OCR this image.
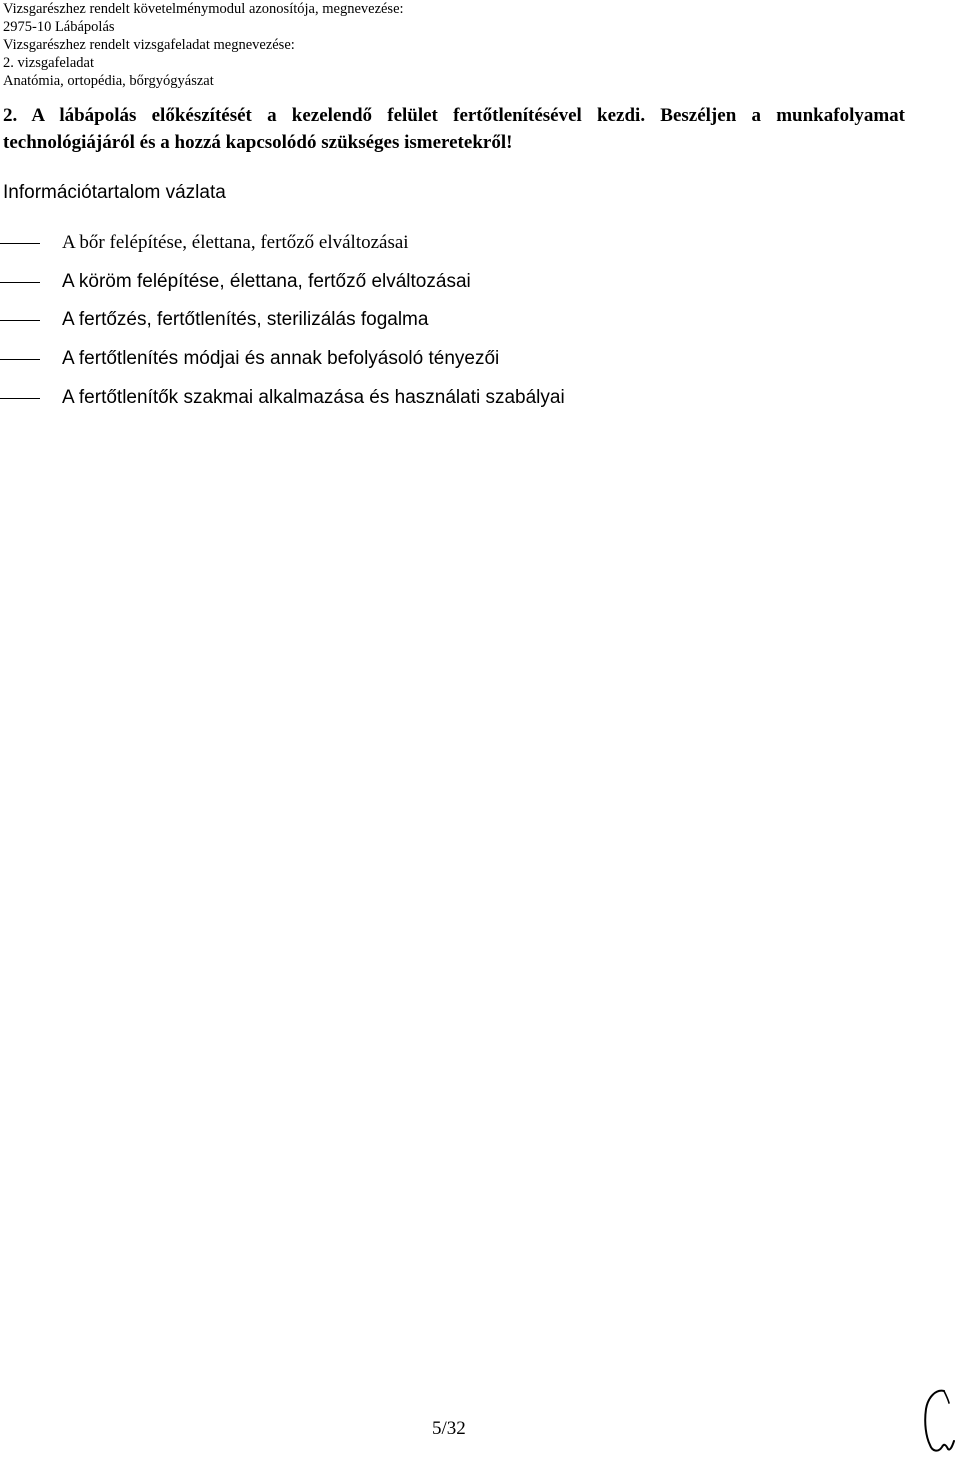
Vizsgarészhez rendelt követelménymodul azonosítója, megnevezése:
2975-10 Lábápolás
Vizsgarészhez rendelt vizsgafeladat megnevezése:
2. vizsgafeladat
Anatómia, ortopédia, bőrgyógyászat
2. A lábápolás előkészítését a kezelendő felület fertőtlenítésével kezdi. Beszéljen a munkafolyamat technológiájáról és a hozzá kapcsolódó szükséges ismeretekről!
Információtartalom vázlata
A bőr felépítése, élettana, fertőző elváltozásai
A köröm felépítése, élettana, fertőző elváltozásai
A fertőzés, fertőtlenítés, sterilizálás fogalma
A fertőtlenítés módjai és annak befolyásoló tényezői
A fertőtlenítők szakmai alkalmazása és használati szabályai
5/32
